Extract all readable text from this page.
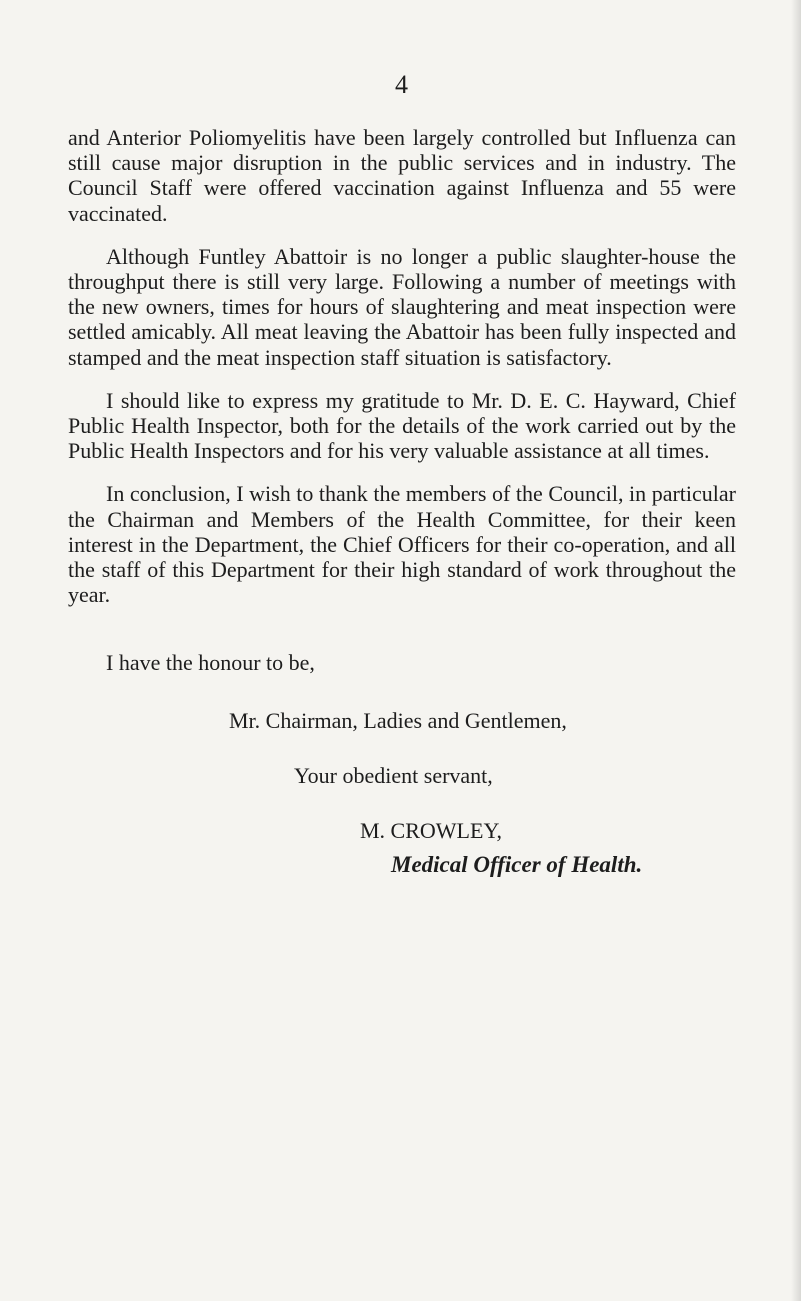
4

and Anterior Poliomyelitis have been largely controlled but Influenza can still cause major disruption in the public services and in industry. The Council Staff were offered vaccination against Influenza and 55 were vaccinated.

Although Funtley Abattoir is no longer a public slaughter-house the throughput there is still very large. Following a number of meetings with the new owners, times for hours of slaughtering and meat inspection were settled amicably. All meat leaving the Abattoir has been fully inspected and stamped and the meat inspection staff situation is satisfactory.

I should like to express my gratitude to Mr. D. E. C. Hayward, Chief Public Health Inspector, both for the details of the work carried out by the Public Health Inspectors and for his very valuable assistance at all times.

In conclusion, I wish to thank the members of the Council, in particular the Chairman and Members of the Health Committee, for their keen interest in the Department, the Chief Officers for their co-operation, and all the staff of this Department for their high standard of work throughout the year.

I have the honour to be,
Mr. Chairman, Ladies and Gentlemen,
Your obedient servant,
M. CROWLEY,
Medical Officer of Health.
